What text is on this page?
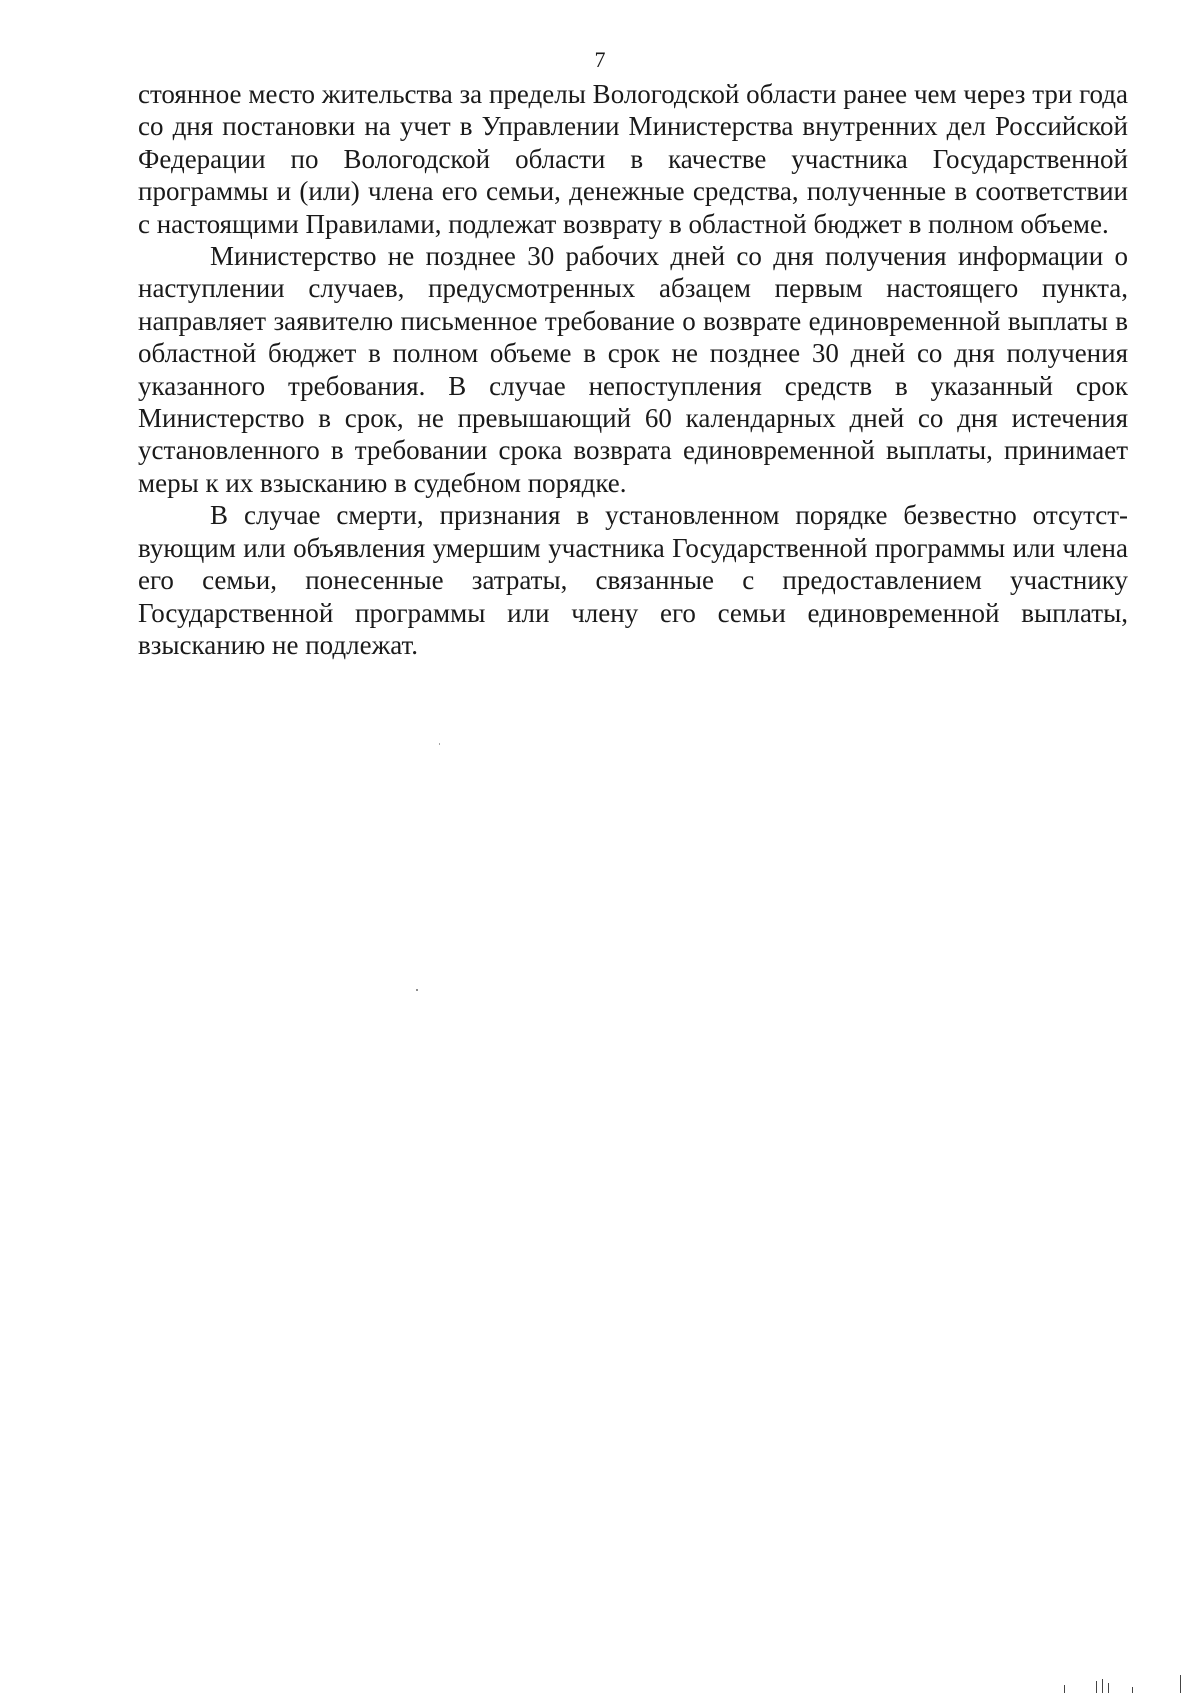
7

стоянное место жительства за пределы Вологодской области ранее чем через три года со дня постановки на учет в Управлении Министерства внутренних дел Российской Федерации по Вологодской области в качестве участника Государственной программы и (или) члена его семьи, денежные средства, полученные в соответствии с настоящими Правилами, подлежат возврату в областной бюджет в полном объеме.

Министерство не позднее 30 рабочих дней со дня получения информации о наступлении случаев, предусмотренных абзацем первым настоящего пункта, направляет заявителю письменное требование о возврате единовременной выплаты в областной бюджет в полном объеме в срок не позднее 30 дней со дня получения указанного требования. В случае непоступления средств в указанный срок Министерство в срок, не превышающий 60 календарных дней со дня истечения установленного в требовании срока возврата единовременной выплаты, принимает меры к их взысканию в судебном порядке.

В случае смерти, признания в установленном порядке безвестно отсутствующим или объявления умершим участника Государственной программы или члена его семьи, понесенные затраты, связанные с предоставлением участнику Государственной программы или члену его семьи единовременной выплаты, взысканию не подлежат.
